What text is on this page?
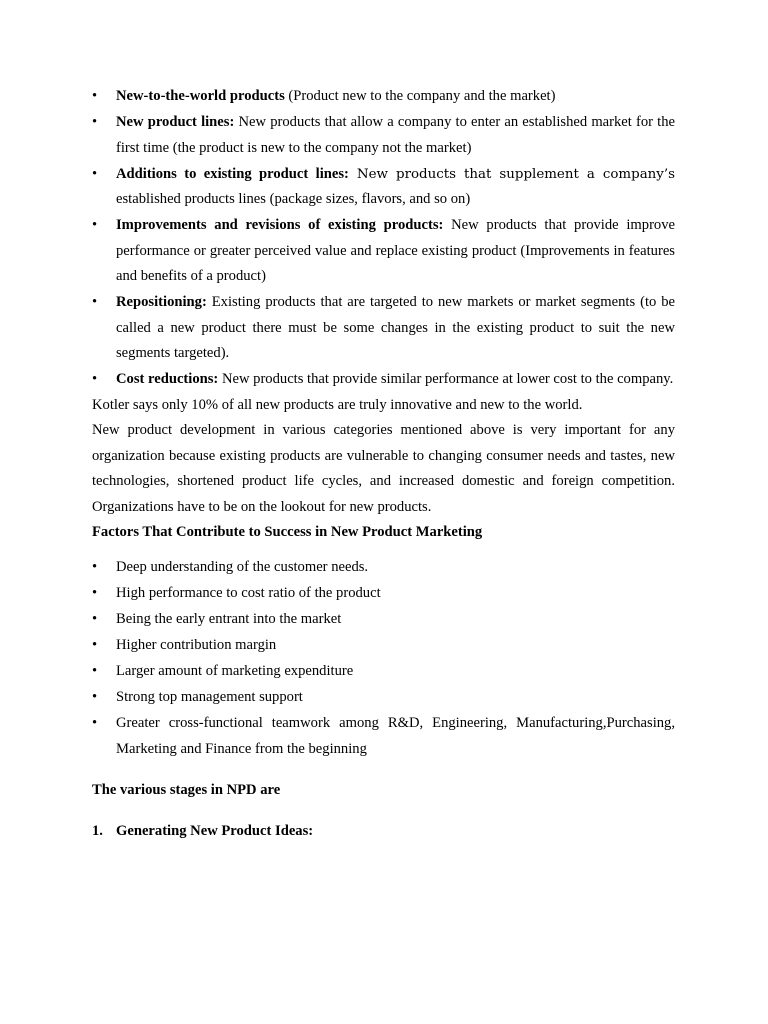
•	New-to-the-world products (Product new to the company and the market)
•	New product lines: New products that allow a company to enter an established market for the first time (the product is new to the company not the market)
•	Additions to existing product lines: New products that supplement a company’s established products lines (package sizes, flavors, and so on)
•	Improvements and revisions of existing products: New products that provide improve performance or greater perceived value and replace existing product (Improvements in features and benefits of a product)
•	Repositioning: Existing products that are targeted to new markets or market segments (to be called a new product there must be some changes in the existing product to suit the new segments targeted).
•	Cost reductions: New products that provide similar performance at lower cost to the company.

Kotler says only 10% of all new products are truly innovative and new to the world.

New product development in various categories mentioned above is very important for any organization because existing products are vulnerable to changing consumer needs and tastes, new technologies, shortened product life cycles, and increased domestic and foreign competition. Organizations have to be on the lookout for new products.

Factors That Contribute to Success in New Product Marketing

•	Deep understanding of the customer needs.
•	High performance to cost ratio of the product
•	Being the early entrant into the market
•	Higher contribution margin
•	Larger amount of marketing expenditure
•	Strong top management support
•	Greater cross-functional teamwork among R&D, Engineering, Manufacturing,Purchasing, Marketing and Finance from the beginning

The various stages in NPD are

1. Generating New Product Ideas:
